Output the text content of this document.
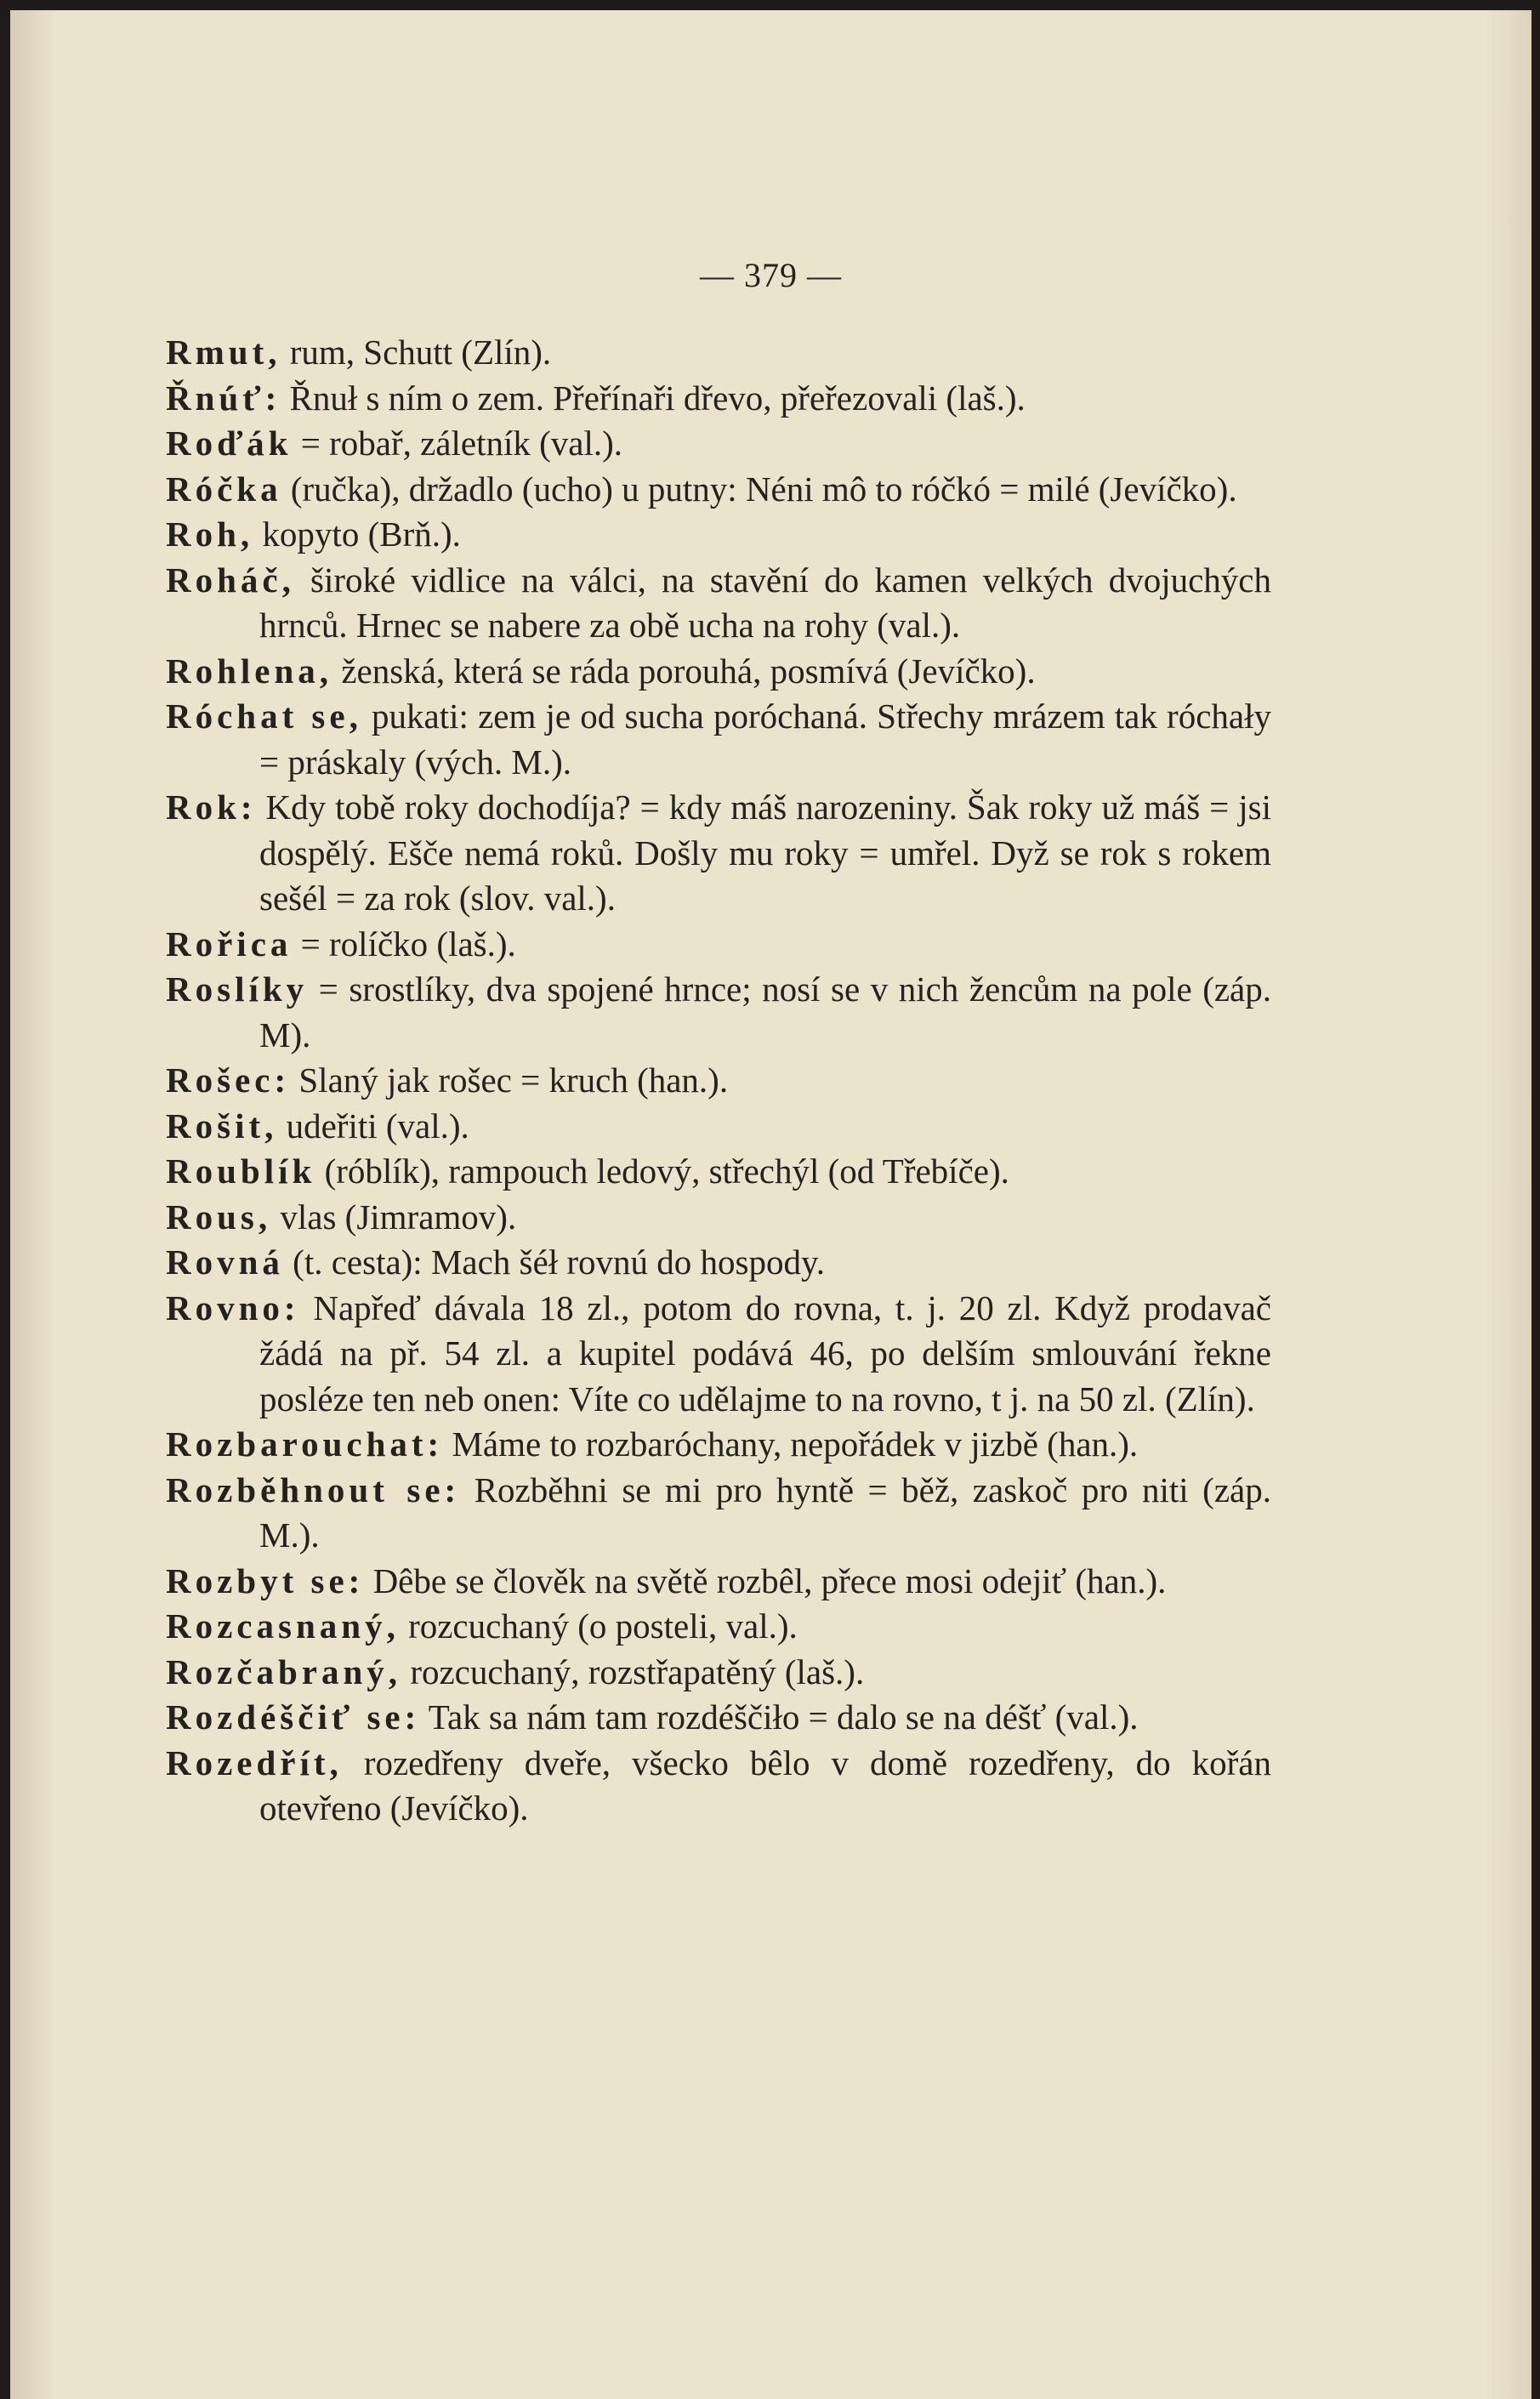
— 379 —
Rmut, rum, Schutt (Zlín).
Řnúť: Řnuł s ním o zem. Přeřínaři dřevo, přeřezovali (laš.).
Roďák = robař, záletník (val.).
Róčka (ručka), držadlo (ucho) u putny: Néni mô to róčkó = milé (Jevíčko).
Roh, kopyto (Brň.).
Roháč, široké vidlice na válci, na stavění do kamen velkých dvojuchých hrnců. Hrnec se nabere za obě ucha na rohy (val.).
Rohlena, ženská, která se ráda porouhá, posmívá (Jevíčko).
Róchat se, pukati: zem je od sucha poróchaná. Střechy mrázem tak róchały = práskaly (vých. M.).
Rok: Kdy tobě roky dochodíja? = kdy máš narozeniny. Šak roky už máš = jsi dospělý. Ešče nemá roků. Došly mu roky = umřel. Dyž se rok s rokem sešél = za rok (slov. val.).
Rořica = rolíčko (laš.).
Roslíky = srostlíky, dva spojené hrnce; nosí se v nich žencům na pole (záp. M).
Rošec: Slaný jak rošec = kruch (han.).
Rošit, udeřiti (val.).
Roublík (róblík), rampouch ledový, střechýl (od Třebíče).
Rous, vlas (Jimramov).
Rovná (t. cesta): Mach šéł rovnú do hospody.
Rovno: Napřeď dávala 18 zl., potom do rovna, t. j. 20 zl. Když prodavač žádá na př. 54 zl. a kupitel podává 46, po delším smlouvání řekne posléze ten neb onen: Víte co udělajme to na rovno, t j. na 50 zl. (Zlín).
Rozbarouchat: Máme to rozbaróchany, nepořádek v jizbě (han.).
Rozběhnout se: Rozběhni se mi pro hyntě = běž, zaskoč pro niti (záp. M.).
Rozbyt se: Dêbe se člověk na světě rozbêl, přece mosi odejiť (han.).
Rozcasnaný, rozcuchaný (o posteli, val.).
Rozčabraný, rozcuchaný, rozstřapatěný (laš.).
Rozdéščiť se: Tak sa nám tam rozdéščiło = dalo se na déšť (val.).
Rozedřít, rozedřeny dveře, všecko bêlo v domě rozedřeny, do kořán otevřeno (Jevíčko).
